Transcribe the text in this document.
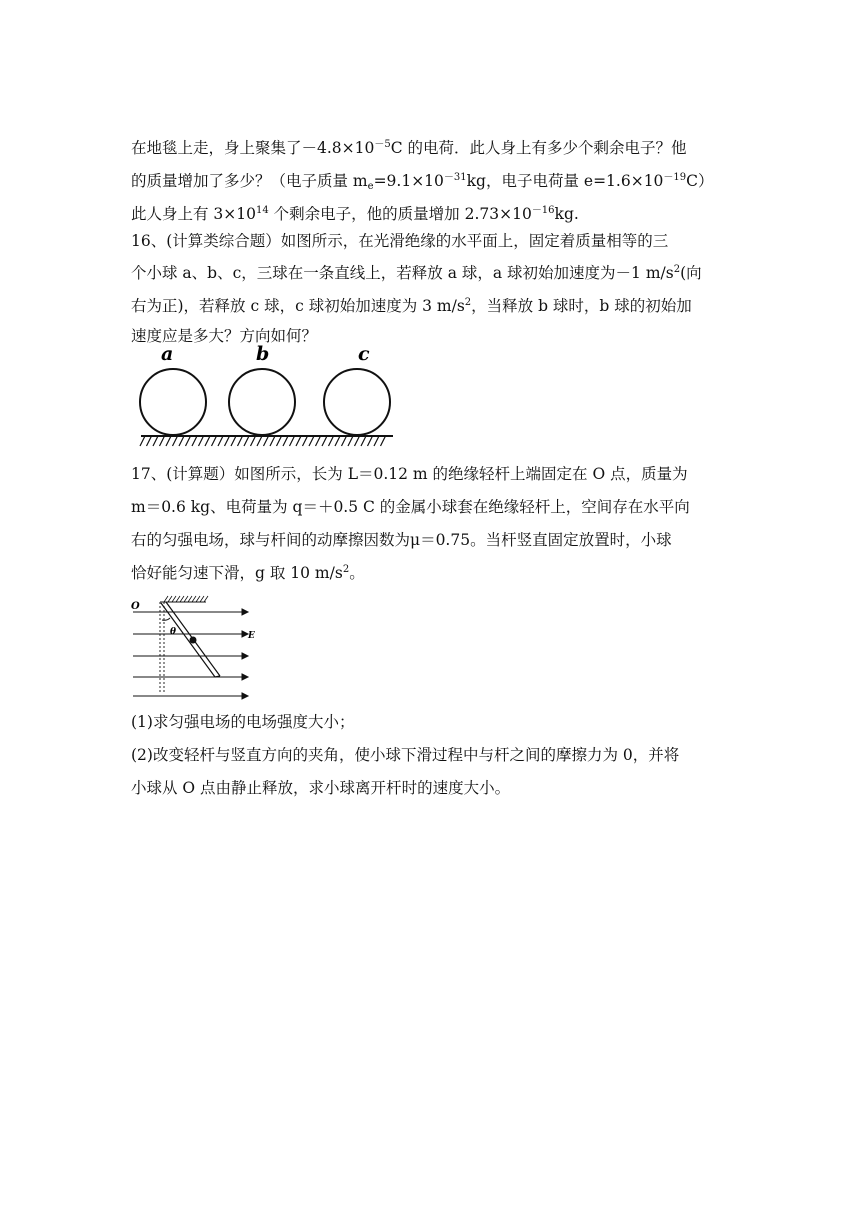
在地毯上走，身上聚集了$-4.8\times 10^{-5}C$ 的电荷．此人身上有多少个剩余电子？他
的质量增加了多少？（电子质量 $m_e=9.1\times 10^{-31}kg$，电子电荷量 $e=1.6\times 10^{-19}C$）
此人身上有 $3\times 10^{14}$ 个剩余电子，他的质量增加 $2.73\times 10^{-16}kg$.
16、(计算类综合题）如图所示，在光滑绝缘的水平面上，固定着质量相等的三
个小球 a、b、c，三球在一条直线上，若释放 a 球，a 球初始加速度为－1 $m/s^2$(向
右为正)，若释放 c 球，c 球初始加速度为 3 $m/s^2$，当释放 b 球时，b 球的初始加
速度应是多大？方向如何？
a	b	c
17、(计算题）如图所示，长为 L＝0.12 m 的绝缘轻杆上端固定在 O 点，质量为
m＝0.6 kg、电荷量为 q＝＋0.5 C 的金属小球套在绝缘轻杆上，空间存在水平向
右的匀强电场，球与杆间的动摩擦因数为μ＝0.75。当杆竖直固定放置时，小球
恰好能匀速下滑，g 取 10 $m/s^2$。
O
θ	E
(1)求匀强电场的电场强度大小；
(2)改变轻杆与竖直方向的夹角，使小球下滑过程中与杆之间的摩擦力为 0，并将
小球从 O 点由静止释放，求小球离开杆时的速度大小。
